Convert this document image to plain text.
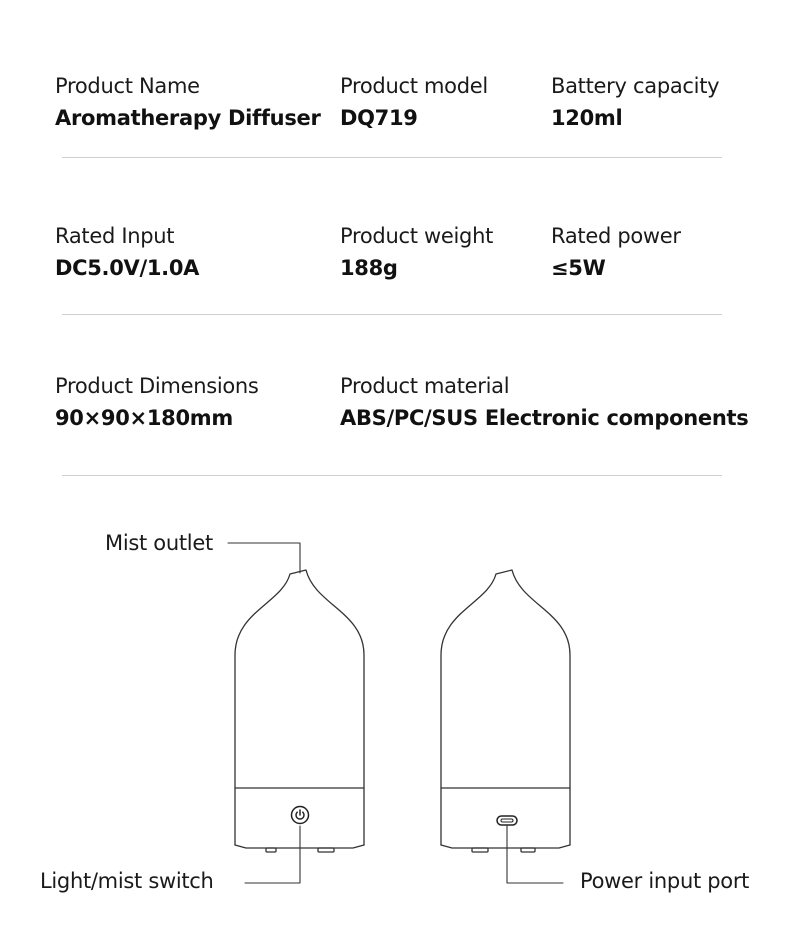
Product Name
Aromatherapy Diffuser
Product model
DQ719
Battery capacity
120ml
Rated Input
DC5.0V/1.0A
Product weight
188g
Rated power
≤5W
Product Dimensions
90×90×180mm
Product material
ABS/PC/SUS Electronic components
Mist outlet
Light/mist switch	Power input port
